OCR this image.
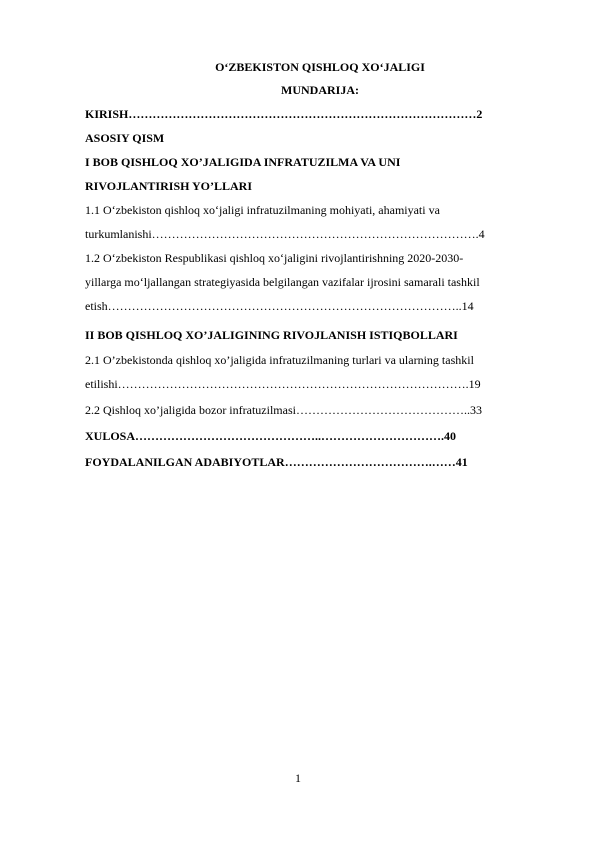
O‘ZBEKISTON QISHLOQ XO‘JALIGI
MUNDARIJA:
KIRISH……………………………………………………………………………2
ASOSIY QISM
I BOB QISHLOQ XO’JALIGIDA INFRATUZILMA VA UNI
RIVOJLANTIRISH YO’LLARI
1.1 O‘zbekiston qishloq xo‘jaligi infratuzilmaning mohiyati, ahamiyati va
turkumlanishi……………………………………………………………………….4
1.2 O‘zbekiston Respublikasi qishloq xo‘jaligini rivojlantirishning 2020-2030-
yillarga mo‘ljallangan strategiyasida belgilangan vazifalar ijrosini samarali tashkil
etish……………………………………………………………………………..14
II BOB QISHLOQ XO’JALIGINING RIVOJLANISH ISTIQBOLLARI
2.1 O’zbekistonda qishloq xo’jaligida infratuzilmaning turlari va ularning tashkil
etilishi…………………………………………………………………………….19
2.2 Qishloq xo’jaligida bozor infratuzilmasi……………………………………..33
XULOSA………………………………………..………………………….40
FOYDALANILGAN ADABIYOTLAR……………………………….……41
1
